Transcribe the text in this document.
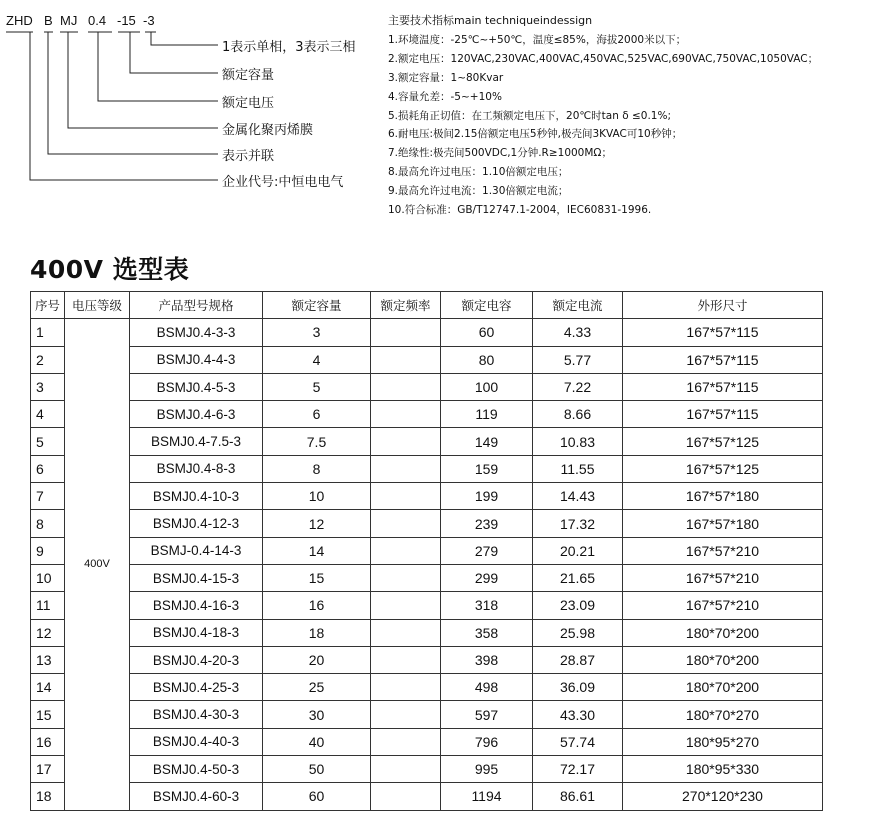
ZHD B MJ 0.4 -15 -3
1表示单相，3表示三相
额定容量
额定电压
金属化聚丙烯膜
表示并联
企业代号:中恒电电气
主要技术指标main techniqueindessign
1.环境温度：-25℃~+50℃，温度≤85%，海拔2000米以下；
2.额定电压：120VAC,230VAC,400VAC,450VAC,525VAC,690VAC,750VAC,1050VAC；
3.额定容量：1~80Kvar
4.容量允差：-5~+10%
5.损耗角正切值：在工频额定电压下，20℃时tan δ ≤0.1%;
6.耐电压:极间2.15倍额定电压5秒钟,极壳间3KVAC可10秒钟；
7.绝缘性:极壳间500VDC,1分钟.R≥1000MΩ；
8.最高允许过电压：1.10倍额定电压；
9.最高允许过电流：1.30倍额定电流；
10.符合标准：GB/T12747.1-2004，IEC60831-1996.
400V 选型表
序号	电压等级	产品型号规格	额定容量	额定频率	额定电容	额定电流	外形尺寸
1	400V	BSMJ0.4-3-3	3		60	4.33	167*57*115
2		BSMJ0.4-4-3	4		80	5.77	167*57*115
3		BSMJ0.4-5-3	5		100	7.22	167*57*115
4		BSMJ0.4-6-3	6		119	8.66	167*57*115
5		BSMJ0.4-7.5-3	7.5		149	10.83	167*57*125
6		BSMJ0.4-8-3	8		159	11.55	167*57*125
7		BSMJ0.4-10-3	10		199	14.43	167*57*180
8		BSMJ0.4-12-3	12		239	17.32	167*57*180
9		BSMJ-0.4-14-3	14		279	20.21	167*57*210
10		BSMJ0.4-15-3	15		299	21.65	167*57*210
11		BSMJ0.4-16-3	16		318	23.09	167*57*210
12		BSMJ0.4-18-3	18		358	25.98	180*70*200
13		BSMJ0.4-20-3	20		398	28.87	180*70*200
14		BSMJ0.4-25-3	25		498	36.09	180*70*200
15		BSMJ0.4-30-3	30		597	43.30	180*70*270
16		BSMJ0.4-40-3	40		796	57.74	180*95*270
17		BSMJ0.4-50-3	50		995	72.17	180*95*330
18		BSMJ0.4-60-3	60		1194	86.61	270*120*230
